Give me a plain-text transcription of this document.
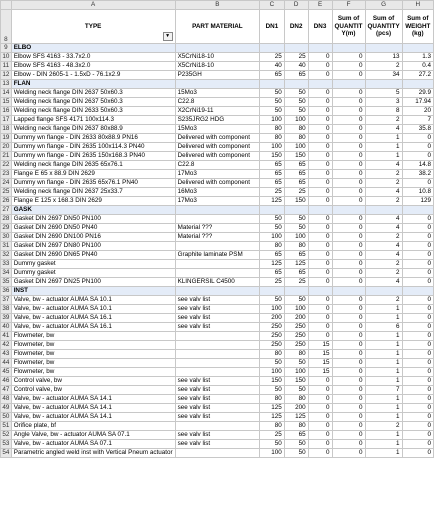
	A	B	C	D	E	F	G	H
8	TYPE
▼	PART MATERIAL	DN1	DN2	DN3	Sum of QUANTIT Y(m)	Sum of QUANTITY (pcs)	Sum of WEIGHT (kg)
9	ELBO							
10	Elbow SFS 4163 - 33.7x2.0	X5CrNi18-10	25	25	0	0	13	1.3
11	Elbow SFS 4163 - 48.3x2.0	X5CrNi18-10	40	40	0	0	2	0.4
12	Elbow - DIN 2605-1 - 1.5xD - 76.1x2.9	P235GH	65	65	0	0	34	27.2
13	FLAN							
14	Welding neck flange DIN 2637 50x60.3	15Mo3	50	50	0	0	5	29.9
15	Welding neck flange DIN 2637 50x60.3	C22.8	50	50	0	0	3	17.94
16	Welding neck flange DIN 2633 50x60.3	X2CrNi19-11	50	50	0	0	8	20
17	Lapped flange SFS 4171 100x114.3	S235JRG2 HDG	100	100	0	0	2	7
18	Welding neck flange DIN 2637 80x88.9	15Mo3	80	80	0	0	4	35.8
19	Dummy wn flange - DIN 2633 80x88.9 PN16	Delivered with component	80	80	0	0	1	0
20	Dummy wn flange - DIN 2635 100x114.3 PN40	Delivered with component	100	100	0	0	1	0
21	Dummy wn flange - DIN 2635 150x168.3 PN40	Delivered with component	150	150	0	0	1	0
22	Welding neck flange DIN 2635 65x76.1	C22.8	65	65	0	0	4	14.8
23	Flange E 65 x 88.9 DIN 2629	17Mo3	65	65	0	0	2	38.2
24	Dummy wn flange - DIN 2635 65x76.1 PN40	Delivered with component	65	65	0	0	2	0
25	Welding neck flange DIN 2637 25x33.7	16Mo3	25	25	0	0	4	10.8
26	Flange E 125 x 168.3 DIN 2629	17Mo3	125	150	0	0	2	129
27	GASK							
28	Gasket DIN 2697 DN50 PN100		50	50	0	0	4	0
29	Gasket DIN 2690 DN50 PN40	Material ???	50	50	0	0	4	0
30	Gasket DIN 2690 DN100 PN16	Material ???	100	100	0	0	2	0
31	Gasket DIN 2697 DN80 PN100		80	80	0	0	4	0
32	Gasket DIN 2690 DN65 PN40	Graphite laminate PSM	65	65	0	0	4	0
33	Dummy gasket		125	125	0	0	2	0
34	Dummy gasket		65	65	0	0	2	0
35	Gasket DIN 2697 DN25 PN100	KLINGERSIL C4500	25	25	0	0	4	0
36	INST							
37	Valve, bw - actuator AUMA SA 10.1	see valv list	50	50	0	0	2	0
38	Valve, bw - actuator AUMA SA 10.1	see valv list	100	100	0	0	1	0
39	Valve, bw - actuator AUMA SA 16.1	see valv list	200	200	0	0	1	0
40	Valve, bw - actuator AUMA SA 16.1	see valv list	250	250	0	0	6	0
41	Flowmeter, bw		250	250	0	0	1	0
42	Flowmeter, bw		250	250	15	0	1	0
43	Flowmeter, bw		80	80	15	0	1	0
44	Flowmeter, bw		50	50	15	0	1	0
45	Flowmeter, bw		100	100	15	0	1	0
46	Control valve, bw	see valv list	150	150	0	0	1	0
47	Control valve, bw	see valv list	50	50	0	0	7	0
48	Valve, bw - actuator AUMA SA 14.1	see valv list	80	80	0	0	1	0
49	Valve, bw - actuator AUMA SA 14.1	see valv list	125	200	0	0	1	0
50	Valve, bw - actuator AUMA SA 14.1	see valv list	125	125	0	0	1	0
51	Orifice plate, bf		80	80	0	0	2	0
52	Angle Valve, bw - actuator AUMA SA 07.1	see valv list	25	65	0	0	1	0
53	Valve, bw - actuator AUMA SA 07.1	see valv list	50	50	0	0	1	0
54	Parametric angled weld inst with Vertical Pneum actuator		100	50	0	0	1	0
